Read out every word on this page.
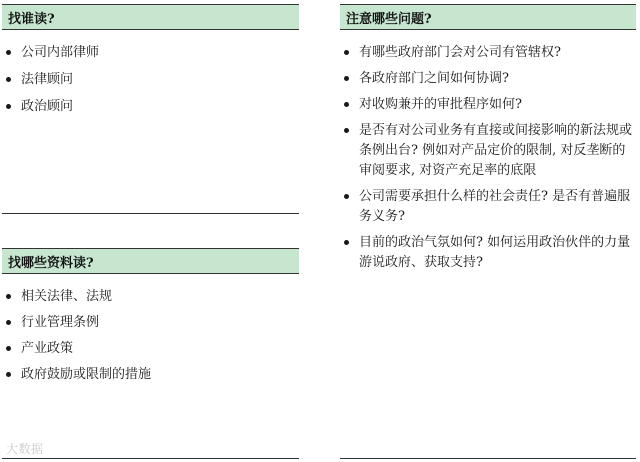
找谁读?
公司内部律师
法律顾问
政治顾问
找哪些资料读?
相关法律、法规
行业管理条例
产业政策
政府鼓励或限制的措施
注意哪些问题?
有哪些政府部门会对公司有管辖权?
各政府部门之间如何协调?
对收购兼并的审批程序如何?
是否有对公司业务有直接或间接影响的新法规或条例出台? 例如对产品定价的限制, 对反垄断的审阅要求, 对资产充足率的底限
公司需要承担什么样的社会责任? 是否有普遍服务义务?
目前的政治气氛如何? 如何运用政治伙伴的力量游说政府、获取支持?
大数据
